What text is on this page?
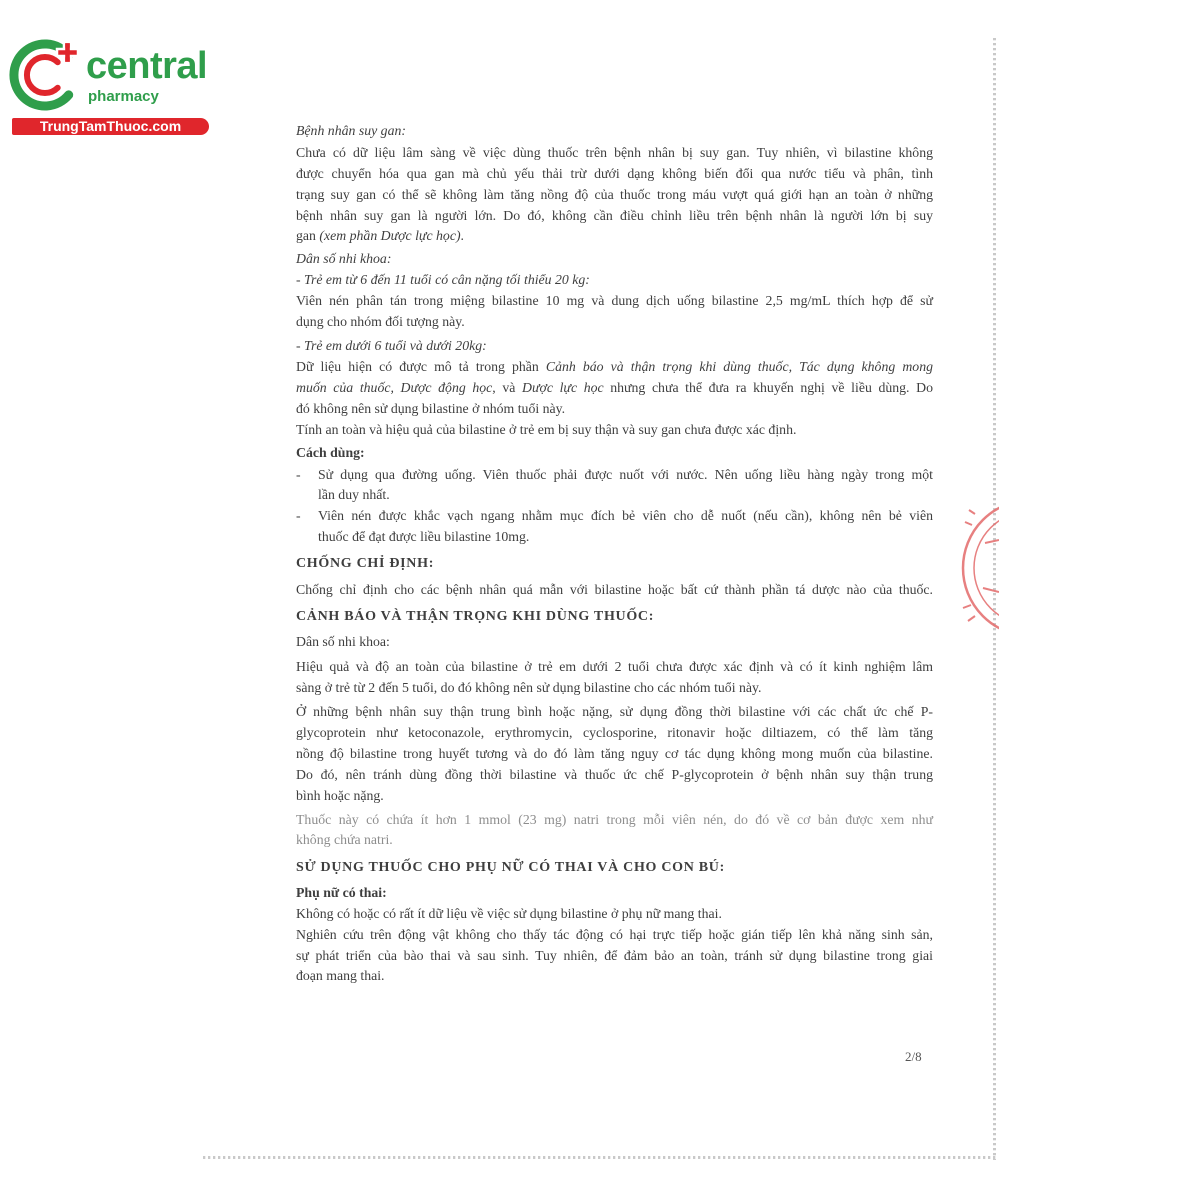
central
pharmacy
TrungTamThuoc.com	Bệnh nhân suy gan:
Chưa có dữ liệu lâm sàng về việc dùng thuốc trên bệnh nhân bị suy gan. Tuy nhiên, vì bilastine không
được chuyển hóa qua gan mà chủ yếu thải trừ dưới dạng không biến đổi qua nước tiểu và phân, tình
trạng suy gan có thể sẽ không làm tăng nồng độ của thuốc trong máu vượt quá giới hạn an toàn ở những
bệnh nhân suy gan là người lớn. Do đó, không cần điều chỉnh liều trên bệnh nhân là người lớn bị suy
gan (xem phần Dược lực học).
Dân số nhi khoa:
- Trẻ em từ 6 đến 11 tuổi có cân nặng tối thiểu 20 kg:
Viên nén phân tán trong miệng bilastine 10 mg và dung dịch uống bilastine 2,5 mg/mL thích hợp để sử
dụng cho nhóm đối tượng này.
- Trẻ em dưới 6 tuổi và dưới 20kg:
Dữ liệu hiện có được mô tả trong phần Cảnh báo và thận trọng khi dùng thuốc, Tác dụng không mong
muốn của thuốc, Dược động học, và Dược lực học nhưng chưa thể đưa ra khuyến nghị về liều dùng. Do
đó không nên sử dụng bilastine ở nhóm tuổi này.
Tính an toàn và hiệu quả của bilastine ở trẻ em bị suy thận và suy gan chưa được xác định.
Cách dùng:
- Sử dụng qua đường uống. Viên thuốc phải được nuốt với nước. Nên uống liều hàng ngày trong một
lần duy nhất.
- Viên nén được khắc vạch ngang nhằm mục đích bẻ viên cho dễ nuốt (nếu cần), không nên bẻ viên
thuốc để đạt được liều bilastine 10mg.
CHỐNG CHỈ ĐỊNH:
Chống chỉ định cho các bệnh nhân quá mẫn với bilastine hoặc bất cứ thành phần tá dược nào của thuốc.
CẢNH BÁO VÀ THẬN TRỌNG KHI DÙNG THUỐC:
Dân số nhi khoa:
Hiệu quả và độ an toàn của bilastine ở trẻ em dưới 2 tuổi chưa được xác định và có ít kinh nghiệm lâm
sàng ở trẻ từ 2 đến 5 tuổi, do đó không nên sử dụng bilastine cho các nhóm tuổi này.
Ở những bệnh nhân suy thận trung bình hoặc nặng, sử dụng đồng thời bilastine với các chất ức chế P-
glycoprotein như ketoconazole, erythromycin, cyclosporine, ritonavir hoặc diltiazem, có thể làm tăng
nồng độ bilastine trong huyết tương và do đó làm tăng nguy cơ tác dụng không mong muốn của bilastine.
Do đó, nên tránh dùng đồng thời bilastine và thuốc ức chế P-glycoprotein ở bệnh nhân suy thận trung
bình hoặc nặng.
Thuốc này có chứa ít hơn 1 mmol (23 mg) natri trong mỗi viên nén, do đó về cơ bản được xem như
không chứa natri.
SỬ DỤNG THUỐC CHO PHỤ NỮ CÓ THAI VÀ CHO CON BÚ:
Phụ nữ có thai:
Không có hoặc có rất ít dữ liệu về việc sử dụng bilastine ở phụ nữ mang thai.
Nghiên cứu trên động vật không cho thấy tác động có hại trực tiếp hoặc gián tiếp lên khả năng sinh sản,
sự phát triển của bào thai và sau sinh. Tuy nhiên, để đảm bảo an toàn, tránh sử dụng bilastine trong giai
đoạn mang thai.
2/8
